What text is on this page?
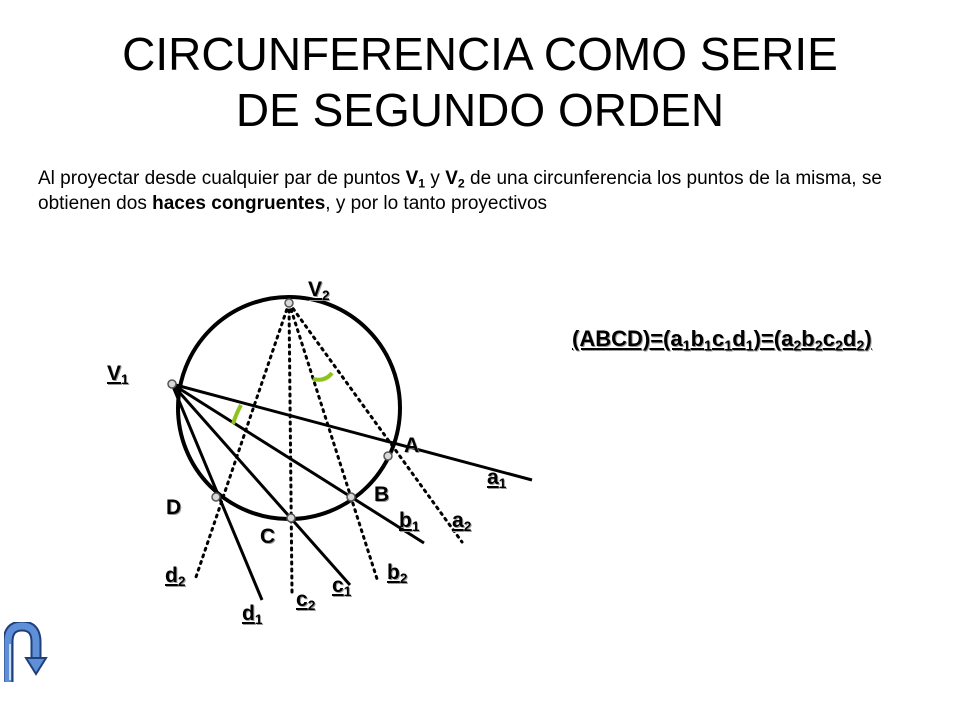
CIRCUNFERENCIA COMO SERIE
DE SEGUNDO ORDEN
Al proyectar desde cualquier par de puntos $V_1$ y $V_2$ de una circunferencia los puntos de la misma, se obtienen dos haces congruentes, y por lo tanto proyectivos
$V_2$
$V_1$
A
B
C
D
$a_1$
$a_2$
$b_1$
$b_2$
$c_1$
$c_2$
$d_2$
$d_1$
$(ABCD)=(a_1b_1c_1d_1)=(a_2b_2c_2d_2)$
